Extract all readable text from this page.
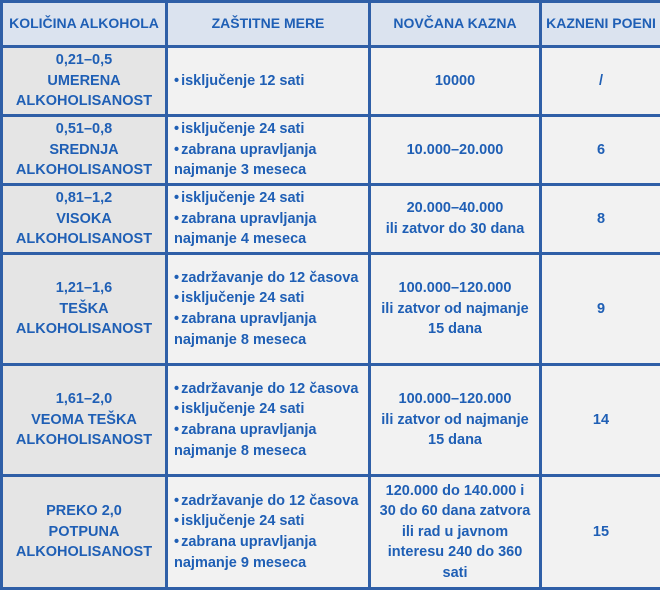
KOLIČINA ALKOHOLA	ZAŠTITNE MERE	NOVČANA KAZNA	KAZNENI POENI

0,21–0,5
UMERENA
ALKOHOLISANOST	• isključenje 12 sati	10000	/

0,51–0,8
SREDNJA
ALKOHOLISANOST	• isključenje 24 sati
• zabrana upravljanja
najmanje 3 meseca	10.000–20.000	6

0,81–1,2
VISOKA
ALKOHOLISANOST	• isključenje 24 sati
• zabrana upravljanja
najmanje 4 meseca	20.000–40.000
ili zatvor do 30 dana	8

1,21–1,6
TEŠKA
ALKOHOLISANOST	• zadržavanje do 12 časova
• isključenje 24 sati
• zabrana upravljanja
najmanje 8 meseca	100.000–120.000
ili zatvor od najmanje
15 dana	9

1,61–2,0
VEOMA TEŠKA
ALKOHOLISANOST	• zadržavanje do 12 časova
• isključenje 24 sati
• zabrana upravljanja
najmanje 8 meseca	100.000–120.000
ili zatvor od najmanje
15 dana	14

PREKO 2,0
POTPUNA
ALKOHOLISANOST	• zadržavanje do 12 časova
• isključenje 24 sati
• zabrana upravljanja
najmanje 9 meseca	120.000 do 140.000 i
30 do 60 dana zatvora
ili rad u javnom
interesu 240 do 360
sati	15
